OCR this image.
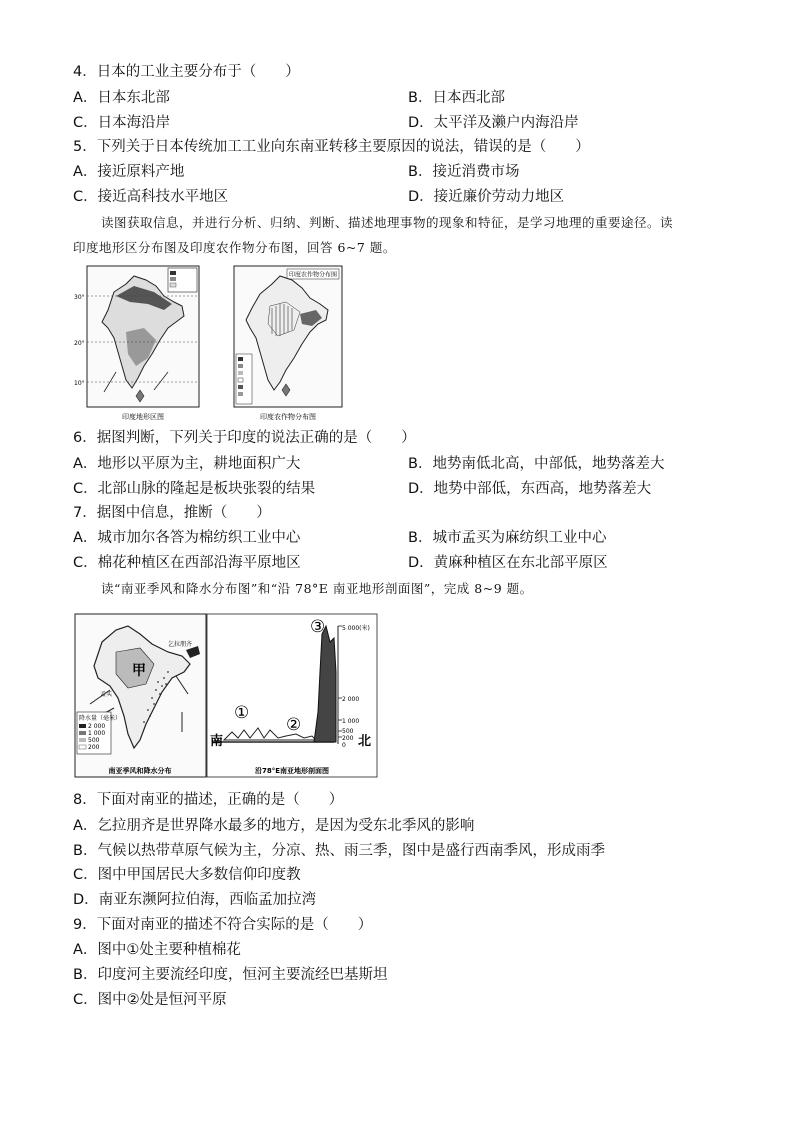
4．日本的工业主要分布于（　　）
A．日本东北部	B．日本西北部
C．日本海沿岸	D．太平洋及濑户内海沿岸
5．下列关于日本传统加工工业向东南亚转移主要原因的说法，错误的是（　　）
A．接近原料产地	B．接近消费市场
C．接近高科技水平地区	D．接近廉价劳动力地区
读图获取信息，并进行分析、归纳、判断、描述地理事物的现象和特征，是学习地理的重要途径。读
印度地形区分布图及印度农作物分布图，回答 6~7 题。
30°
20°
10°
印度地形区图
印度农作物分布图
印度农作物分布图
6．据图判断，下列关于印度的说法正确的是（　　）
A．地形以平原为主，耕地面积广大	B．地势南低北高，中部低，地势落差大
C．北部山脉的隆起是板块张裂的结果	D．地势中部低，东西高，地势落差大
7．据图中信息，推断（　　）
A．城市加尔各答为棉纺织工业中心	B．城市孟买为麻纺织工业中心
C．棉花种植区在西部沿海平原地区	D．黄麻种植区在东北部平原区
读“南亚季风和降水分布图”和“沿 78°E 南亚地形剖面图”，完成 8~9 题。
甲
乞拉朋齐
孟买
降水量（毫米）
2 000
1 000
500
200
南亚季风和降水分布
5 000(米)
2 000
1 000
500
200
0
①
②
③
南	北
沿78°E南亚地形剖面图
8．下面对南亚的描述，正确的是（　　）
A．乞拉朋齐是世界降水最多的地方，是因为受东北季风的影响
B．气候以热带草原气候为主，分凉、热、雨三季，图中是盛行西南季风，形成雨季
C．图中甲国居民大多数信仰印度教
D．南亚东濒阿拉伯海，西临孟加拉湾
9．下面对南亚的描述不符合实际的是（　　）
A．图中①处主要种植棉花
B．印度河主要流经印度，恒河主要流经巴基斯坦
C．图中②处是恒河平原
